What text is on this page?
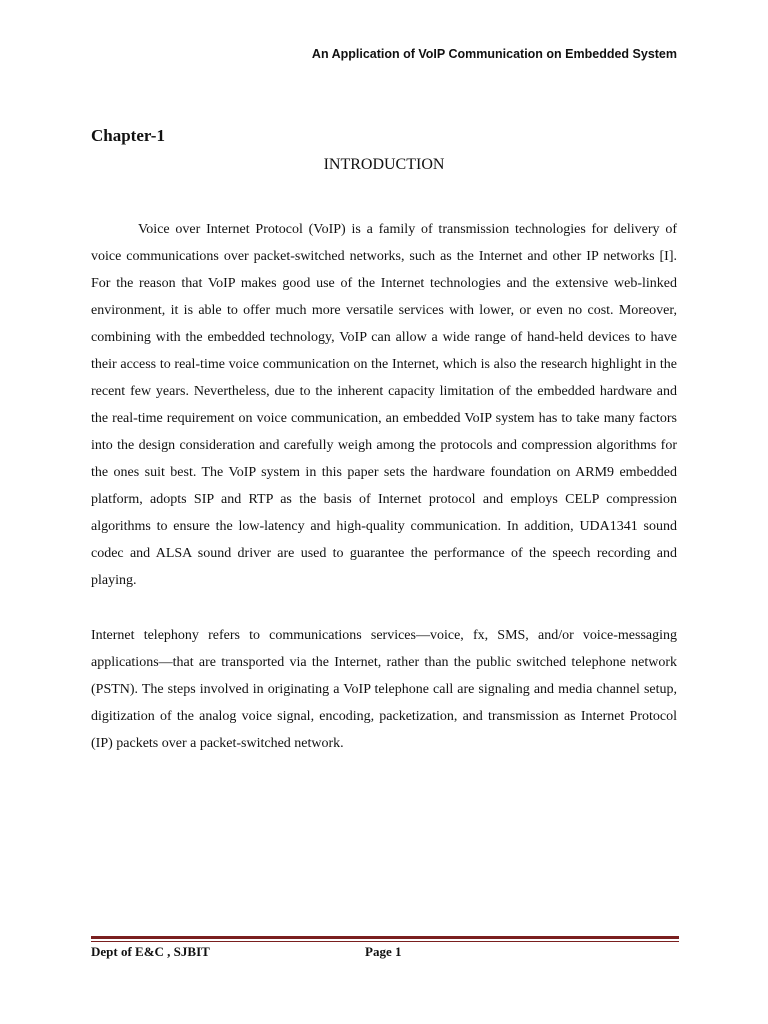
An Application of VoIP Communication on Embedded System
Chapter-1
INTRODUCTION

Voice over Internet Protocol (VoIP) is a family of transmission technologies for delivery of voice communications over packet-switched networks, such as the Internet and other IP networks [I]. For the reason that VoIP makes good use of the Internet technologies and the extensive web-linked environment, it is able to offer much more versatile services with lower, or even no cost. Moreover, combining with the embedded technology, VoIP can allow a wide range of hand-held devices to have their access to real-time voice communication on the Internet, which is also the research highlight in the recent few years. Nevertheless, due to the inherent capacity limitation of the embedded hardware and the real-time requirement on voice communication, an embedded VoIP system has to take many factors into the design consideration and carefully weigh among the protocols and compression algorithms for the ones suit best. The VoIP system in this paper sets the hardware foundation on ARM9 embedded platform, adopts SIP and RTP as the basis of Internet protocol and employs CELP compression algorithms to ensure the low-latency and high-quality communication. In addition, UDA1341 sound codec and ALSA sound driver are used to guarantee the performance of the speech recording and playing.

Internet telephony refers to communications services—voice, fx, SMS, and/or voice-messaging applications—that are transported via the Internet, rather than the public switched telephone network (PSTN). The steps involved in originating a VoIP telephone call are signaling and media channel setup, digitization of the analog voice signal, encoding, packetization, and transmission as Internet Protocol (IP) packets over a packet-switched network.

Dept of E&C , SJBIT	Page 1
